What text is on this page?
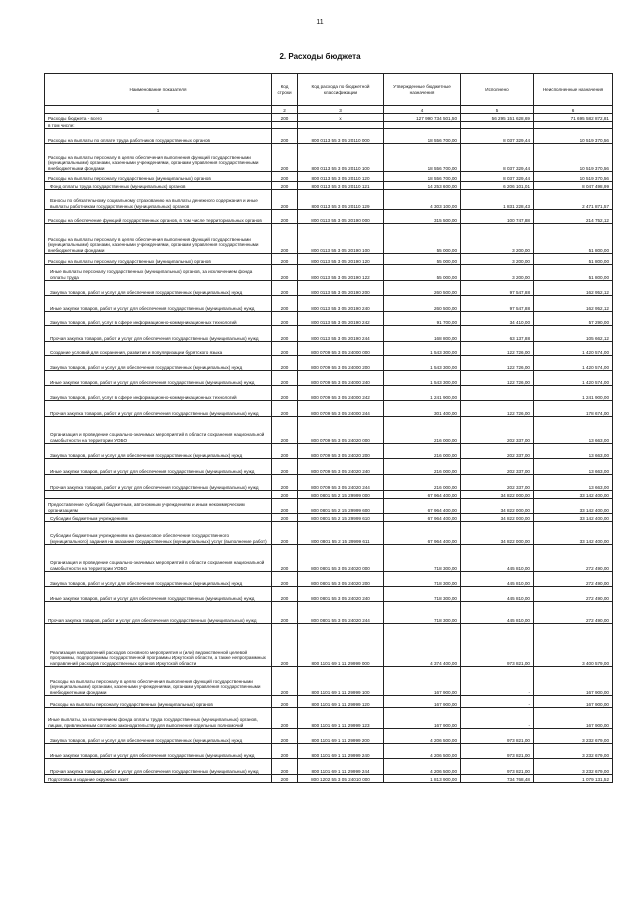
11
2. Расходы бюджета
Наименование показателя	Код строки	Код расхода по бюджетной классификации	Утвержденные бюджетные назначения	Исполнено	Неисполненные назначения
1	2	3	4	5	6
Расходы бюджета - всего	200	x	127 990 734 501,50	56 295 151 628,69	71 695 582 872,81
в том числе:					
Расходы на выплаты по оплате труда работников государственных органов	200	800 0113 55 3 05 20110 000	18 556 700,00	8 037 329,44	10 519 370,56
Расходы на выплаты персоналу в целях обеспечения выполнения функций государственными (муниципальными) органами, казенными учреждениями, органами управления государственными внебюджетными фондами	200	800 0113 55 3 05 20110 100	18 556 700,00	8 037 329,44	10 519 370,56
Расходы на выплаты персоналу государственных (муниципальных) органов	200	800 0113 55 3 05 20110 120	18 556 700,00	8 037 329,44	10 519 370,56
Фонд оплаты труда государственных (муниципальных) органов	200	800 0113 55 3 05 20110 121	14 253 600,00	6 206 101,01	8 047 498,99
Взносы по обязательному социальному страхованию на выплаты денежного содержания и иные выплаты работникам государственных (муниципальных) органов	200	800 0113 55 3 05 20110 129	4 303 100,00	1 831 228,43	2 471 871,57
Расходы на обеспечение функций государственных органов, в том числе территориальных органов	200	800 0113 55 3 05 20190 000	315 500,00	100 747,88	214 752,12
Расходы на выплаты персоналу в целях обеспечения выполнения функций государственными (муниципальными) органами, казенными учреждениями, органами управления государственными внебюджетными фондами	200	800 0113 55 3 05 20190 100	55 000,00	3 200,00	51 800,00
Расходы на выплаты персоналу государственных (муниципальных) органов	200	800 0113 55 3 05 20190 120	55 000,00	3 200,00	51 800,00
Иные выплаты персоналу государственных (муниципальных) органов, за исключением фонда оплаты труда	200	800 0113 55 3 05 20190 122	55 000,00	3 200,00	51 800,00
Закупка товаров, работ и услуг для обеспечения государственных (муниципальных) нужд	200	800 0113 55 3 05 20190 200	260 500,00	97 547,88	162 952,12
Иные закупки товаров, работ и услуг для обеспечения государственных (муниципальных) нужд	200	800 0113 55 3 05 20190 240	260 500,00	97 547,88	162 952,12
Закупка товаров, работ, услуг в сфере информационно-коммуникационных технологий	200	800 0113 55 3 05 20190 242	91 700,00	34 410,00	57 290,00
Прочая закупка товаров, работ и услуг для обеспечения государственных (муниципальных) нужд	200	800 0113 55 3 05 20190 244	168 800,00	63 137,88	105 662,12
Создание условий для сохранения, развития и популяризации бурятского языка	200	800 0709 55 3 05 24000 000	1 543 300,00	122 726,00	1 420 574,00
Закупка товаров, работ и услуг для обеспечения государственных (муниципальных) нужд	200	800 0709 55 3 05 24000 200	1 543 300,00	122 726,00	1 420 574,00
Иные закупки товаров, работ и услуг для обеспечения государственных (муниципальных) нужд	200	800 0709 55 3 05 24000 240	1 543 300,00	122 726,00	1 420 574,00
Закупка товаров, работ, услуг в сфере информационно-коммуникационных технологий	200	800 0709 55 3 05 24000 242	1 241 900,00		1 241 900,00
Прочая закупка товаров, работ и услуг для обеспечения государственных (муниципальных) нужд	200	800 0709 55 3 05 24000 244	301 400,00	122 726,00	178 674,00
Организация и проведение социально-значимых мероприятий в области сохранения национальной самобытности на территории УОБО	200	800 0709 55 3 05 24020 000	216 000,00	202 337,00	13 663,00
Закупка товаров, работ и услуг для обеспечения государственных (муниципальных) нужд	200	800 0709 55 3 05 24020 200	216 000,00	202 337,00	13 663,00
Иные закупки товаров, работ и услуг для обеспечения государственных (муниципальных) нужд	200	800 0709 55 3 05 24020 240	216 000,00	202 337,00	13 663,00
Прочая закупка товаров, работ и услуг для обеспечения государственных (муниципальных) нужд	200	800 0709 55 3 05 24020 244	216 000,00	202 337,00	13 663,00
	200	800 0801 55 2 15 29999 000	67 964 400,00	34 822 000,00	33 142 400,00
Предоставление субсидий бюджетным, автономным учреждениям и иным некоммерческим организациям	200	800 0801 55 2 15 29999 600	67 964 400,00	34 822 000,00	33 142 400,00
Субсидии бюджетным учреждениям	200	800 0801 55 2 15 29999 610	67 964 400,00	34 822 000,00	33 142 400,00
Субсидии бюджетным учреждениям на финансовое обеспечение государственного (муниципального) задания на оказание государственных (муниципальных) услуг (выполнение работ)	200	800 0801 55 2 15 29999 611	67 964 400,00	34 822 000,00	33 142 400,00
Организация и проведение социально-значимых мероприятий в области сохранения национальной самобытности на территории УОБО	200	800 0801 55 3 05 24020 000	718 300,00	445 810,00	272 490,00
Закупка товаров, работ и услуг для обеспечения государственных (муниципальных) нужд	200	800 0801 55 3 05 24020 200	718 300,00	445 810,00	272 490,00
Иные закупки товаров, работ и услуг для обеспечения государственных (муниципальных) нужд	200	800 0801 55 3 05 24020 240	718 300,00	445 810,00	272 490,00
Прочая закупка товаров, работ и услуг для обеспечения государственных (муниципальных) нужд	200	800 0801 55 3 05 24020 244	718 300,00	445 810,00	272 490,00
Реализация направлений расходов основного мероприятия и (или) ведомственной целевой программы, подпрограммы государственной программы Иркутской области, а также непрограммных направлений расходов государственных органов Иркутской области	200	800 1101 69 1 11 29999 000	4 374 400,00	973 821,00	3 400 579,00
Расходы на выплаты персоналу в целях обеспечения выполнения функций государственными (муниципальными) органами, казенными учреждениями, органами управления государственными внебюджетными фондами	200	800 1101 69 1 11 29999 100	167 900,00	-	167 900,00
Расходы на выплаты персоналу государственных (муниципальных) органов	200	800 1101 69 1 11 29999 120	167 900,00	-	167 900,00
Иные выплаты, за исключением фонда оплаты труда государственных (муниципальных) органов, лицам, привлекаемым согласно законодательству для выполнения отдельных полномочий	200	800 1101 69 1 11 29999 123	167 900,00	-	167 900,00
Закупка товаров, работ и услуг для обеспечения государственных (муниципальных) нужд	200	800 1101 69 1 11 29999 200	4 206 500,00	973 821,00	3 232 679,00
Иные закупки товаров, работ и услуг для обеспечения государственных (муниципальных) нужд	200	800 1101 69 1 11 29999 240	4 206 500,00	973 821,00	3 232 679,00
Прочая закупка товаров, работ и услуг для обеспечения государственных (муниципальных) нужд	200	800 1101 69 1 11 29999 244	4 206 500,00	973 821,00	3 232 679,00
Подготовка и издание окружных газет	200	800 1202 55 3 05 24010 000	1 813 900,00	734 768,48	1 079 131,52
